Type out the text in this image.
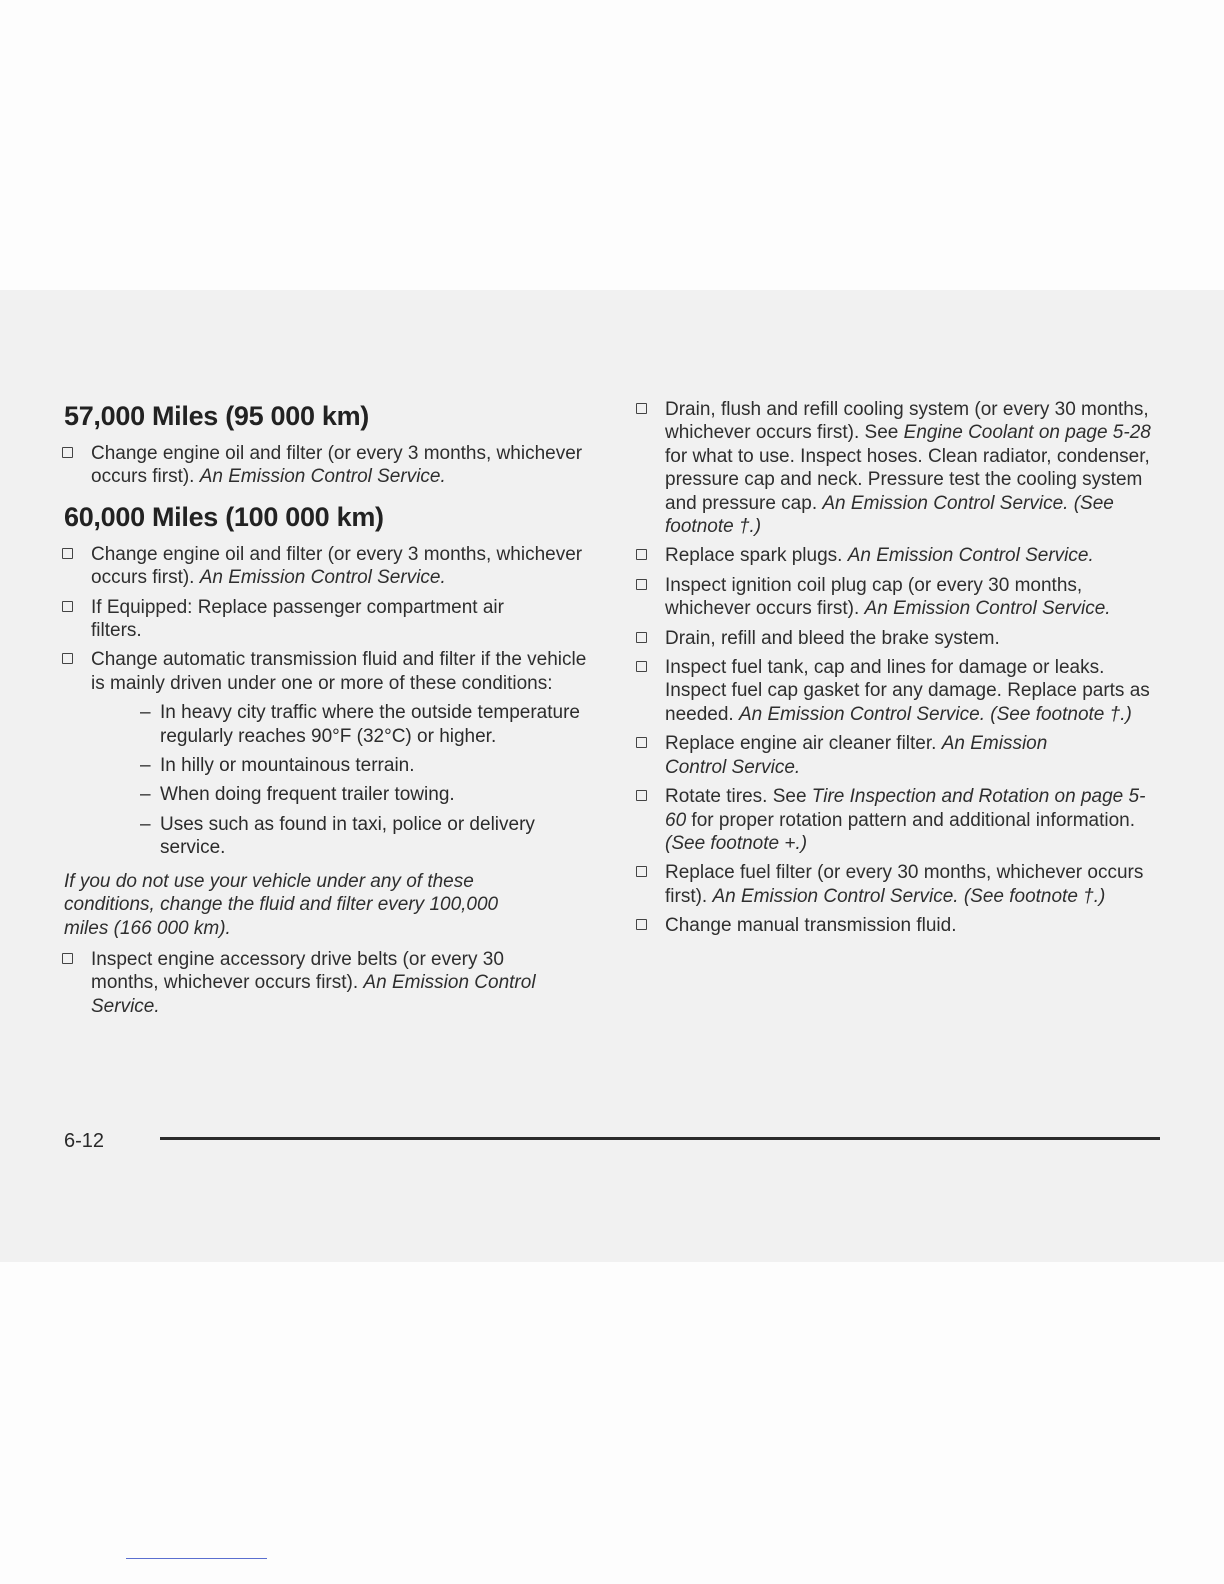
57,000 Miles (95 000 km)
Change engine oil and filter (or every 3 months, whichever occurs first). An Emission Control Service.
60,000 Miles (100 000 km)
Change engine oil and filter (or every 3 months, whichever occurs first). An Emission Control Service.
If Equipped: Replace passenger compartment air filters.
Change automatic transmission fluid and filter if the vehicle is mainly driven under one or more of these conditions:
– In heavy city traffic where the outside temperature regularly reaches 90°F (32°C) or higher.
– In hilly or mountainous terrain.
– When doing frequent trailer towing.
– Uses such as found in taxi, police or delivery service.
If you do not use your vehicle under any of these conditions, change the fluid and filter every 100,000 miles (166 000 km).
Inspect engine accessory drive belts (or every 30 months, whichever occurs first). An Emission Control Service.
Drain, flush and refill cooling system (or every 30 months, whichever occurs first). See Engine Coolant on page 5-28 for what to use. Inspect hoses. Clean radiator, condenser, pressure cap and neck. Pressure test the cooling system and pressure cap. An Emission Control Service. (See footnote †.)
Replace spark plugs. An Emission Control Service.
Inspect ignition coil plug cap (or every 30 months, whichever occurs first). An Emission Control Service.
Drain, refill and bleed the brake system.
Inspect fuel tank, cap and lines for damage or leaks. Inspect fuel cap gasket for any damage. Replace parts as needed. An Emission Control Service. (See footnote †.)
Replace engine air cleaner filter. An Emission Control Service.
Rotate tires. See Tire Inspection and Rotation on page 5-60 for proper rotation pattern and additional information. (See footnote +.)
Replace fuel filter (or every 30 months, whichever occurs first). An Emission Control Service. (See footnote †.)
Change manual transmission fluid.
6-12
